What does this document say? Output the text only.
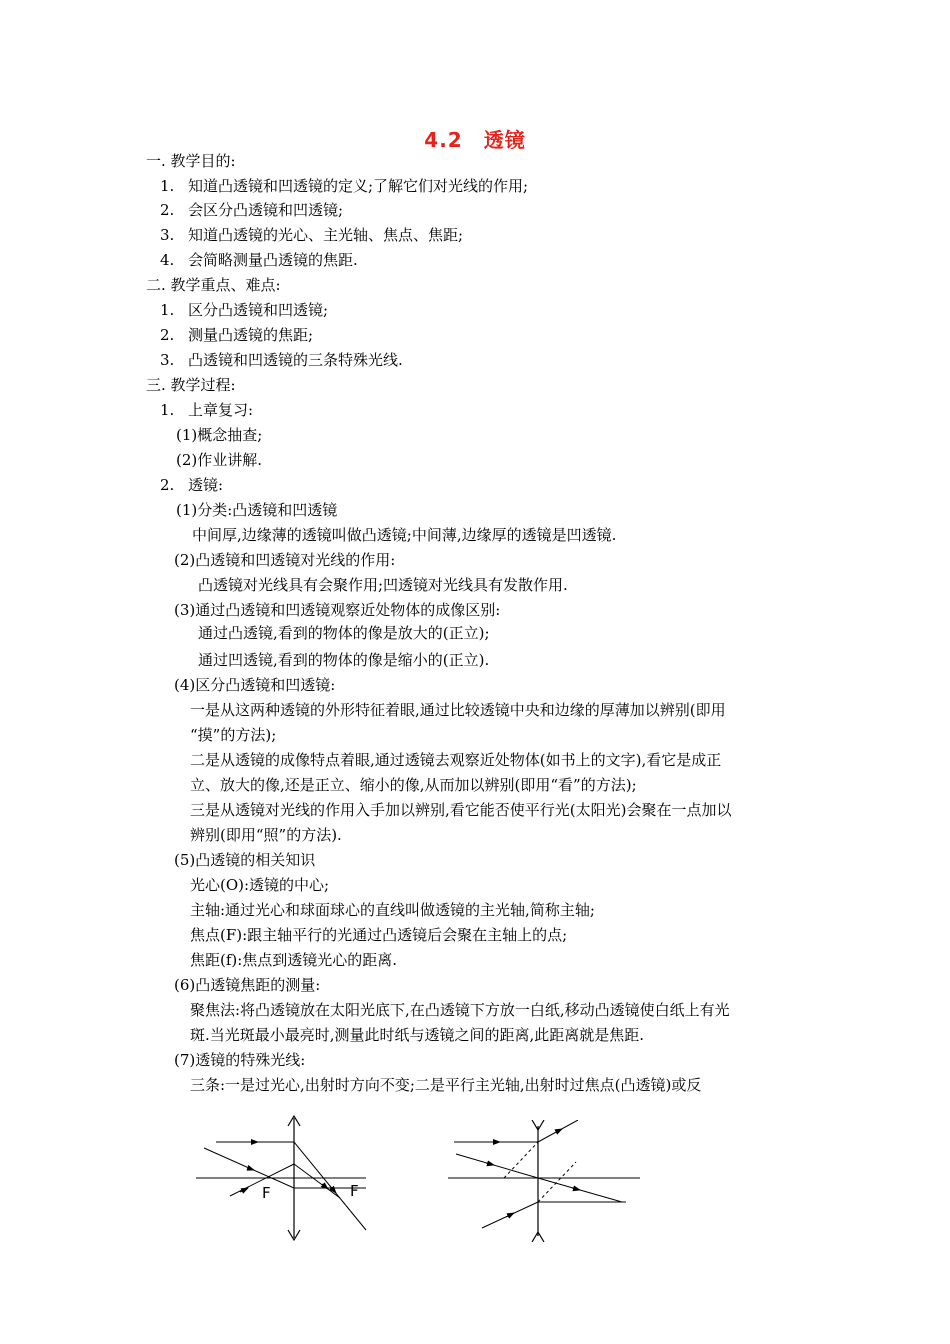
4.2　透镜
一. 教学目的:
1. 知道凸透镜和凹透镜的定义;了解它们对光线的作用;
2. 会区分凸透镜和凹透镜;
3. 知道凸透镜的光心、主光轴、焦点、焦距;
4. 会简略测量凸透镜的焦距.
二. 教学重点、难点:
1. 区分凸透镜和凹透镜;
2. 测量凸透镜的焦距;
3. 凸透镜和凹透镜的三条特殊光线.
三. 教学过程:
1. 上章复习:
(1)概念抽查;
(2)作业讲解.
2. 透镜:
(1)分类:凸透镜和凹透镜
中间厚,边缘薄的透镜叫做凸透镜;中间薄,边缘厚的透镜是凹透镜.
(2)凸透镜和凹透镜对光线的作用:
凸透镜对光线具有会聚作用;凹透镜对光线具有发散作用.
(3)通过凸透镜和凹透镜观察近处物体的成像区别:
通过凸透镜,看到的物体的像是放大的(正立);
通过凹透镜,看到的物体的像是缩小的(正立).
(4)区分凸透镜和凹透镜:
一是从这两种透镜的外形特征着眼,通过比较透镜中央和边缘的厚薄加以辨别(即用
“摸”的方法);
二是从透镜的成像特点着眼,通过透镜去观察近处物体(如书上的文字),看它是成正
立、放大的像,还是正立、缩小的像,从而加以辨别(即用“看”的方法);
三是从透镜对光线的作用入手加以辨别,看它能否使平行光(太阳光)会聚在一点加以
辨别(即用“照”的方法).
(5)凸透镜的相关知识
光心(O):透镜的中心;
主轴:通过光心和球面球心的直线叫做透镜的主光轴,简称主轴;
焦点(F):跟主轴平行的光通过凸透镜后会聚在主轴上的点;
焦距(f):焦点到透镜光心的距离.
(6)凸透镜焦距的测量:
聚焦法:将凸透镜放在太阳光底下,在凸透镜下方放一白纸,移动凸透镜使白纸上有光
斑.当光斑最小最亮时,测量此时纸与透镜之间的距离,此距离就是焦距.
(7)透镜的特殊光线:
三条:一是过光心,出射时方向不变;二是平行主光轴,出射时过焦点(凸透镜)或反
F	F
